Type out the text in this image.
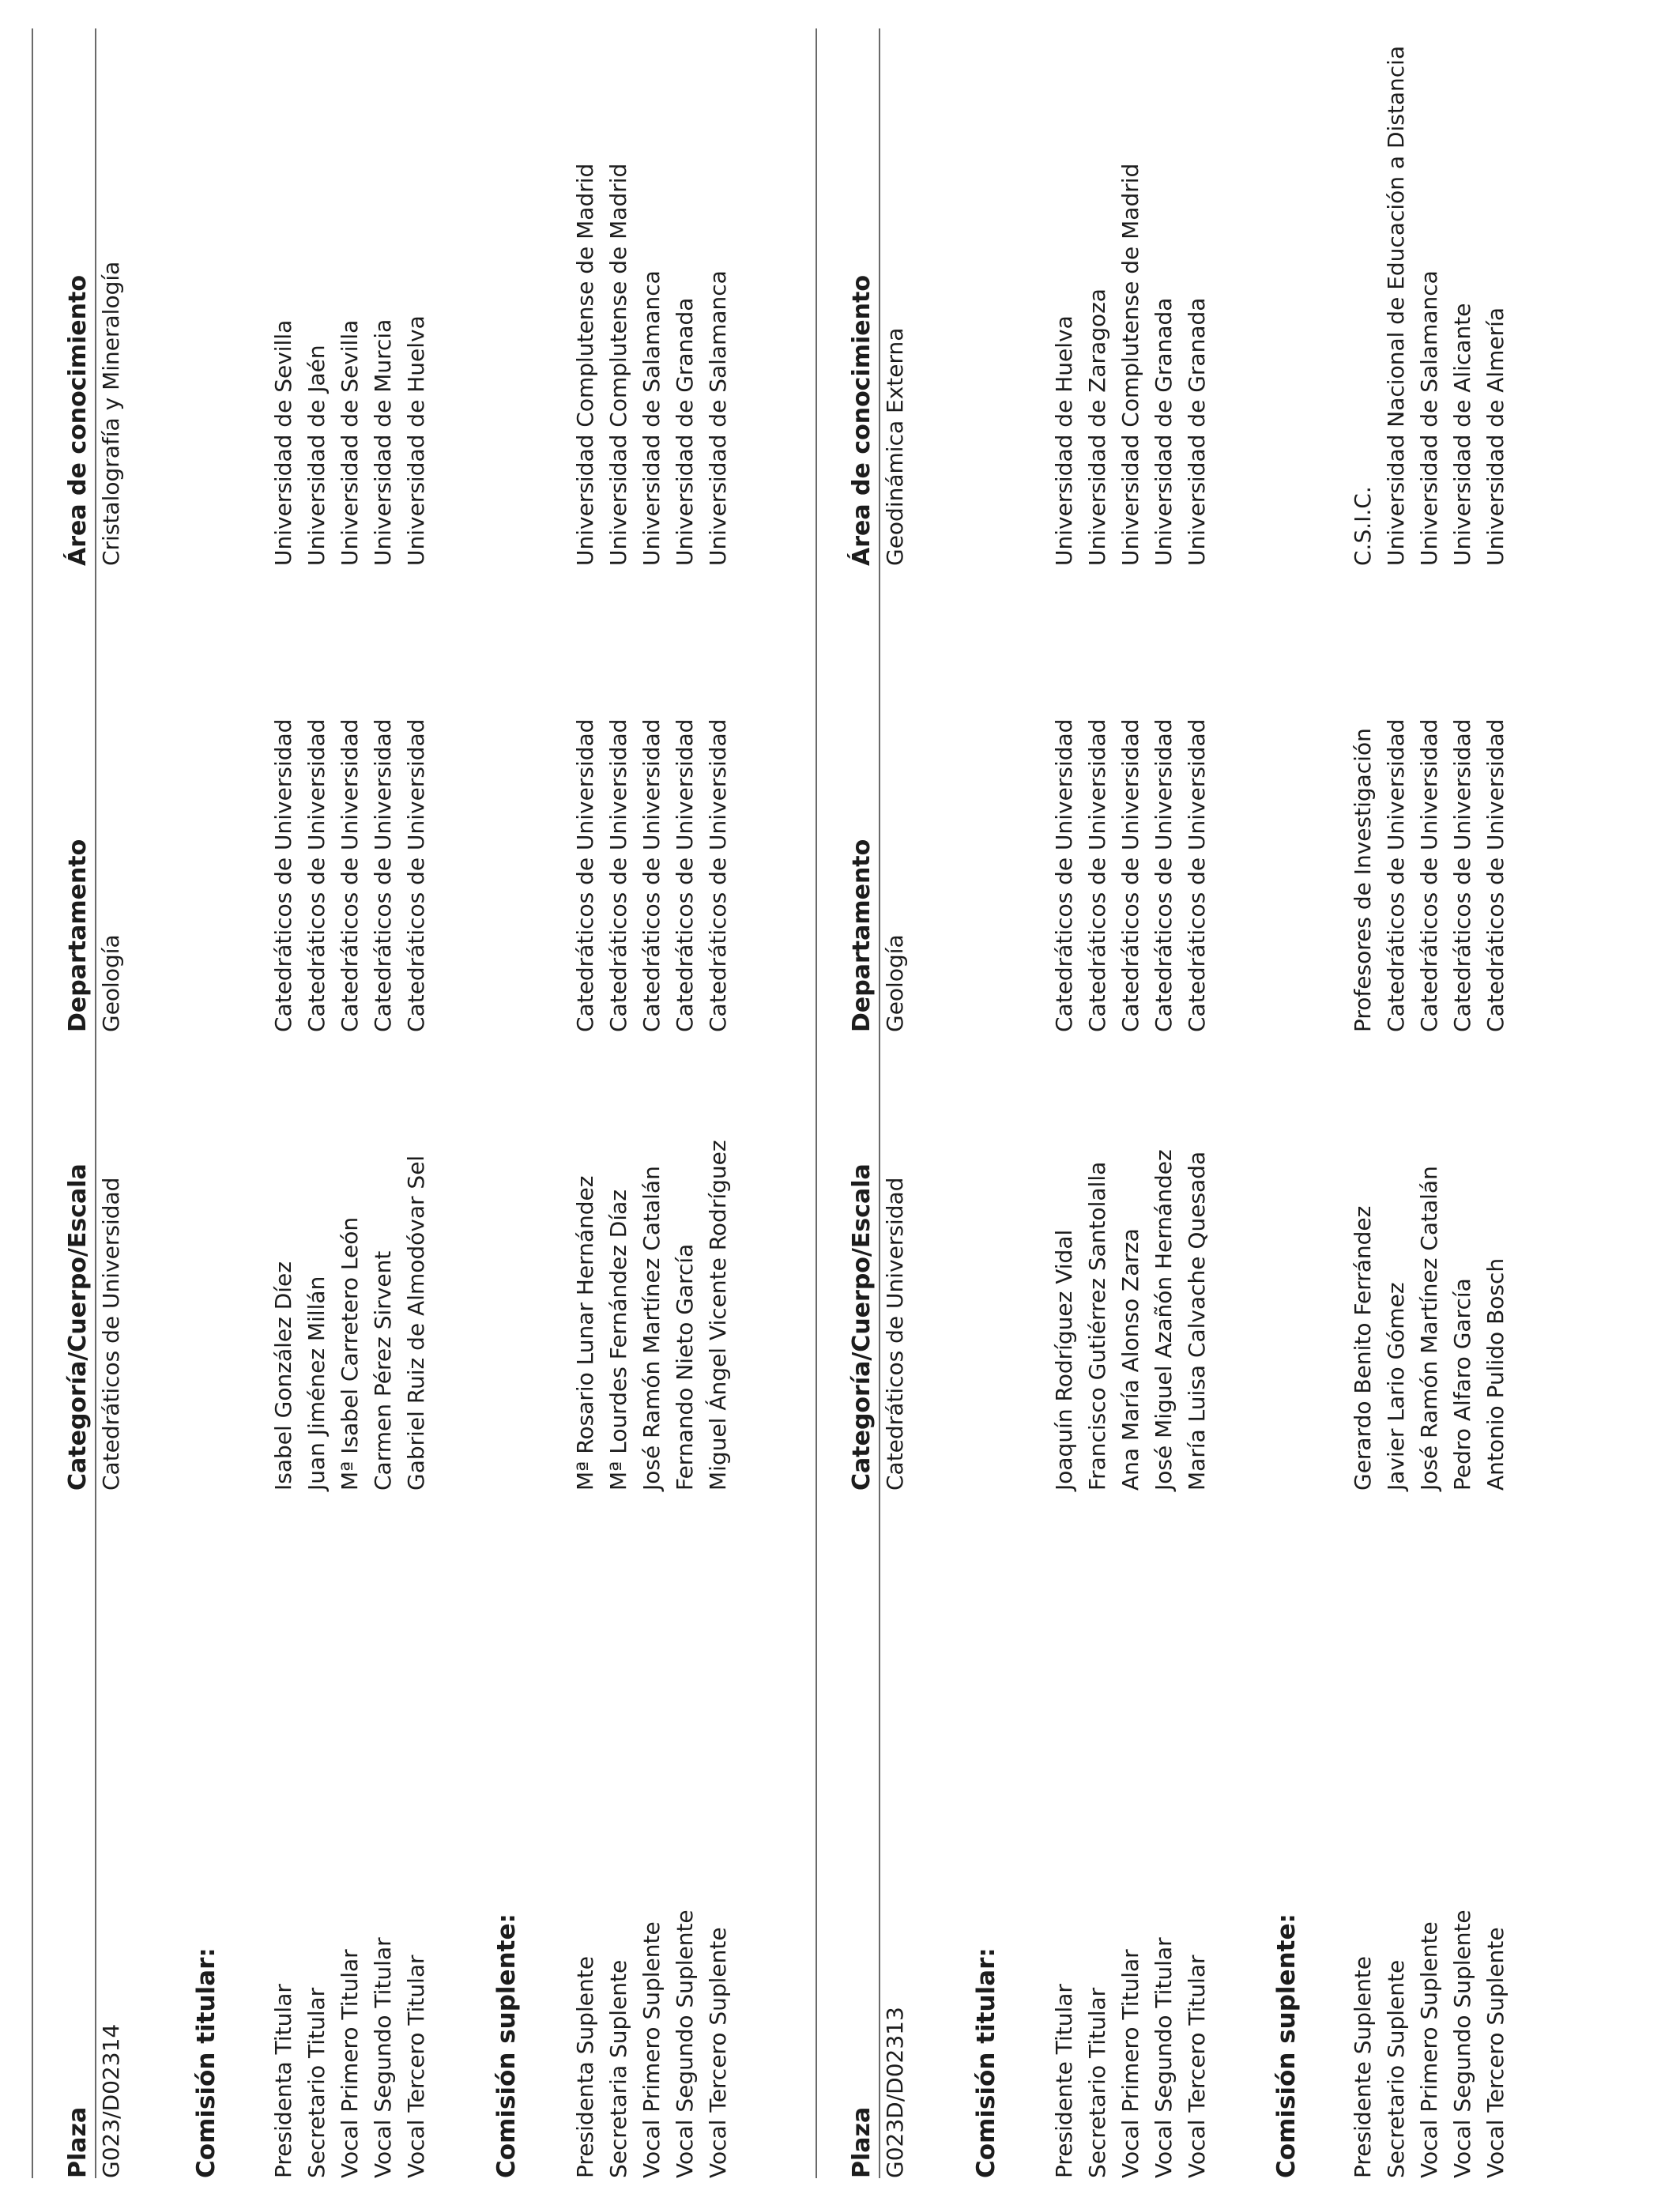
Plaza
Categoría/Cuerpo/Escala
Departamento
Área de conocimiento
G023/D02314
Catedráticos de Universidad
Geología
Cristalografía y Mineralogía
Comisión titular: Presidenta Titular
Isabel González Díez
Catedráticos de Universidad
Universidad de Sevilla
Secretario Titular
Juan Jiménez Millán
Catedráticos de Universidad
Universidad de Jaén
Vocal Primero Titular
Mª Isabel Carretero León
Catedráticos de Universidad
Universidad de Sevilla
Vocal Segundo Titular
Carmen Pérez Sirvent
Catedráticos de Universidad
Universidad de Murcia
Vocal Tercero Titular
Gabriel Ruiz de Almodóvar Sel
Catedráticos de Universidad
Universidad de Huelva
Comisión suplente: Presidenta Suplente
Mª Rosario Lunar Hernández
Catedráticos de Universidad
Universidad Complutense de Madrid
Secretaria Suplente
Mª Lourdes Fernández Díaz
Catedráticos de Universidad
Universidad Complutense de Madrid
Vocal Primero Suplente
José Ramón Martínez Catalán
Catedráticos de Universidad
Universidad de Salamanca
Vocal Segundo Suplente
Fernando Nieto García
Catedráticos de Universidad
Universidad de Granada
Vocal Tercero Suplente
Miguel Ángel Vicente Rodríguez
Catedráticos de Universidad
Universidad de Salamanca
Plaza
Categoría/Cuerpo/Escala
Departamento
Área de conocimiento
G023D/D02313
Catedráticos de Universidad
Geología
Geodinámica Externa
Comisión titular: Presidente Titular
Joaquín Rodríguez Vidal
Catedráticos de Universidad
Universidad de Huelva
Secretario Titular
Francisco Gutiérrez Santolalla
Catedráticos de Universidad
Universidad de Zaragoza
Vocal Primero Titular
Ana María Alonso Zarza
Catedráticos de Universidad
Universidad Complutense de Madrid
Vocal Segundo Titular
José Miguel Azañón Hernández
Catedráticos de Universidad
Universidad de Granada
Vocal Tercero Titular
María Luisa Calvache Quesada
Catedráticos de Universidad
Universidad de Granada
Comisión suplente: Presidente Suplente
Gerardo Benito Ferrández
Profesores de Investigación
C.S.I.C.
Secretario Suplente
Javier Lario Gómez
Catedráticos de Universidad
Universidad Nacional de Educación a Distancia
Vocal Primero Suplente
José Ramón Martínez Catalán
Catedráticos de Universidad
Universidad de Salamanca
Vocal Segundo Suplente
Pedro Alfaro García
Catedráticos de Universidad
Universidad de Alicante
Vocal Tercero Suplente
Antonio Pulido Bosch
Catedráticos de Universidad
Universidad de Almería
